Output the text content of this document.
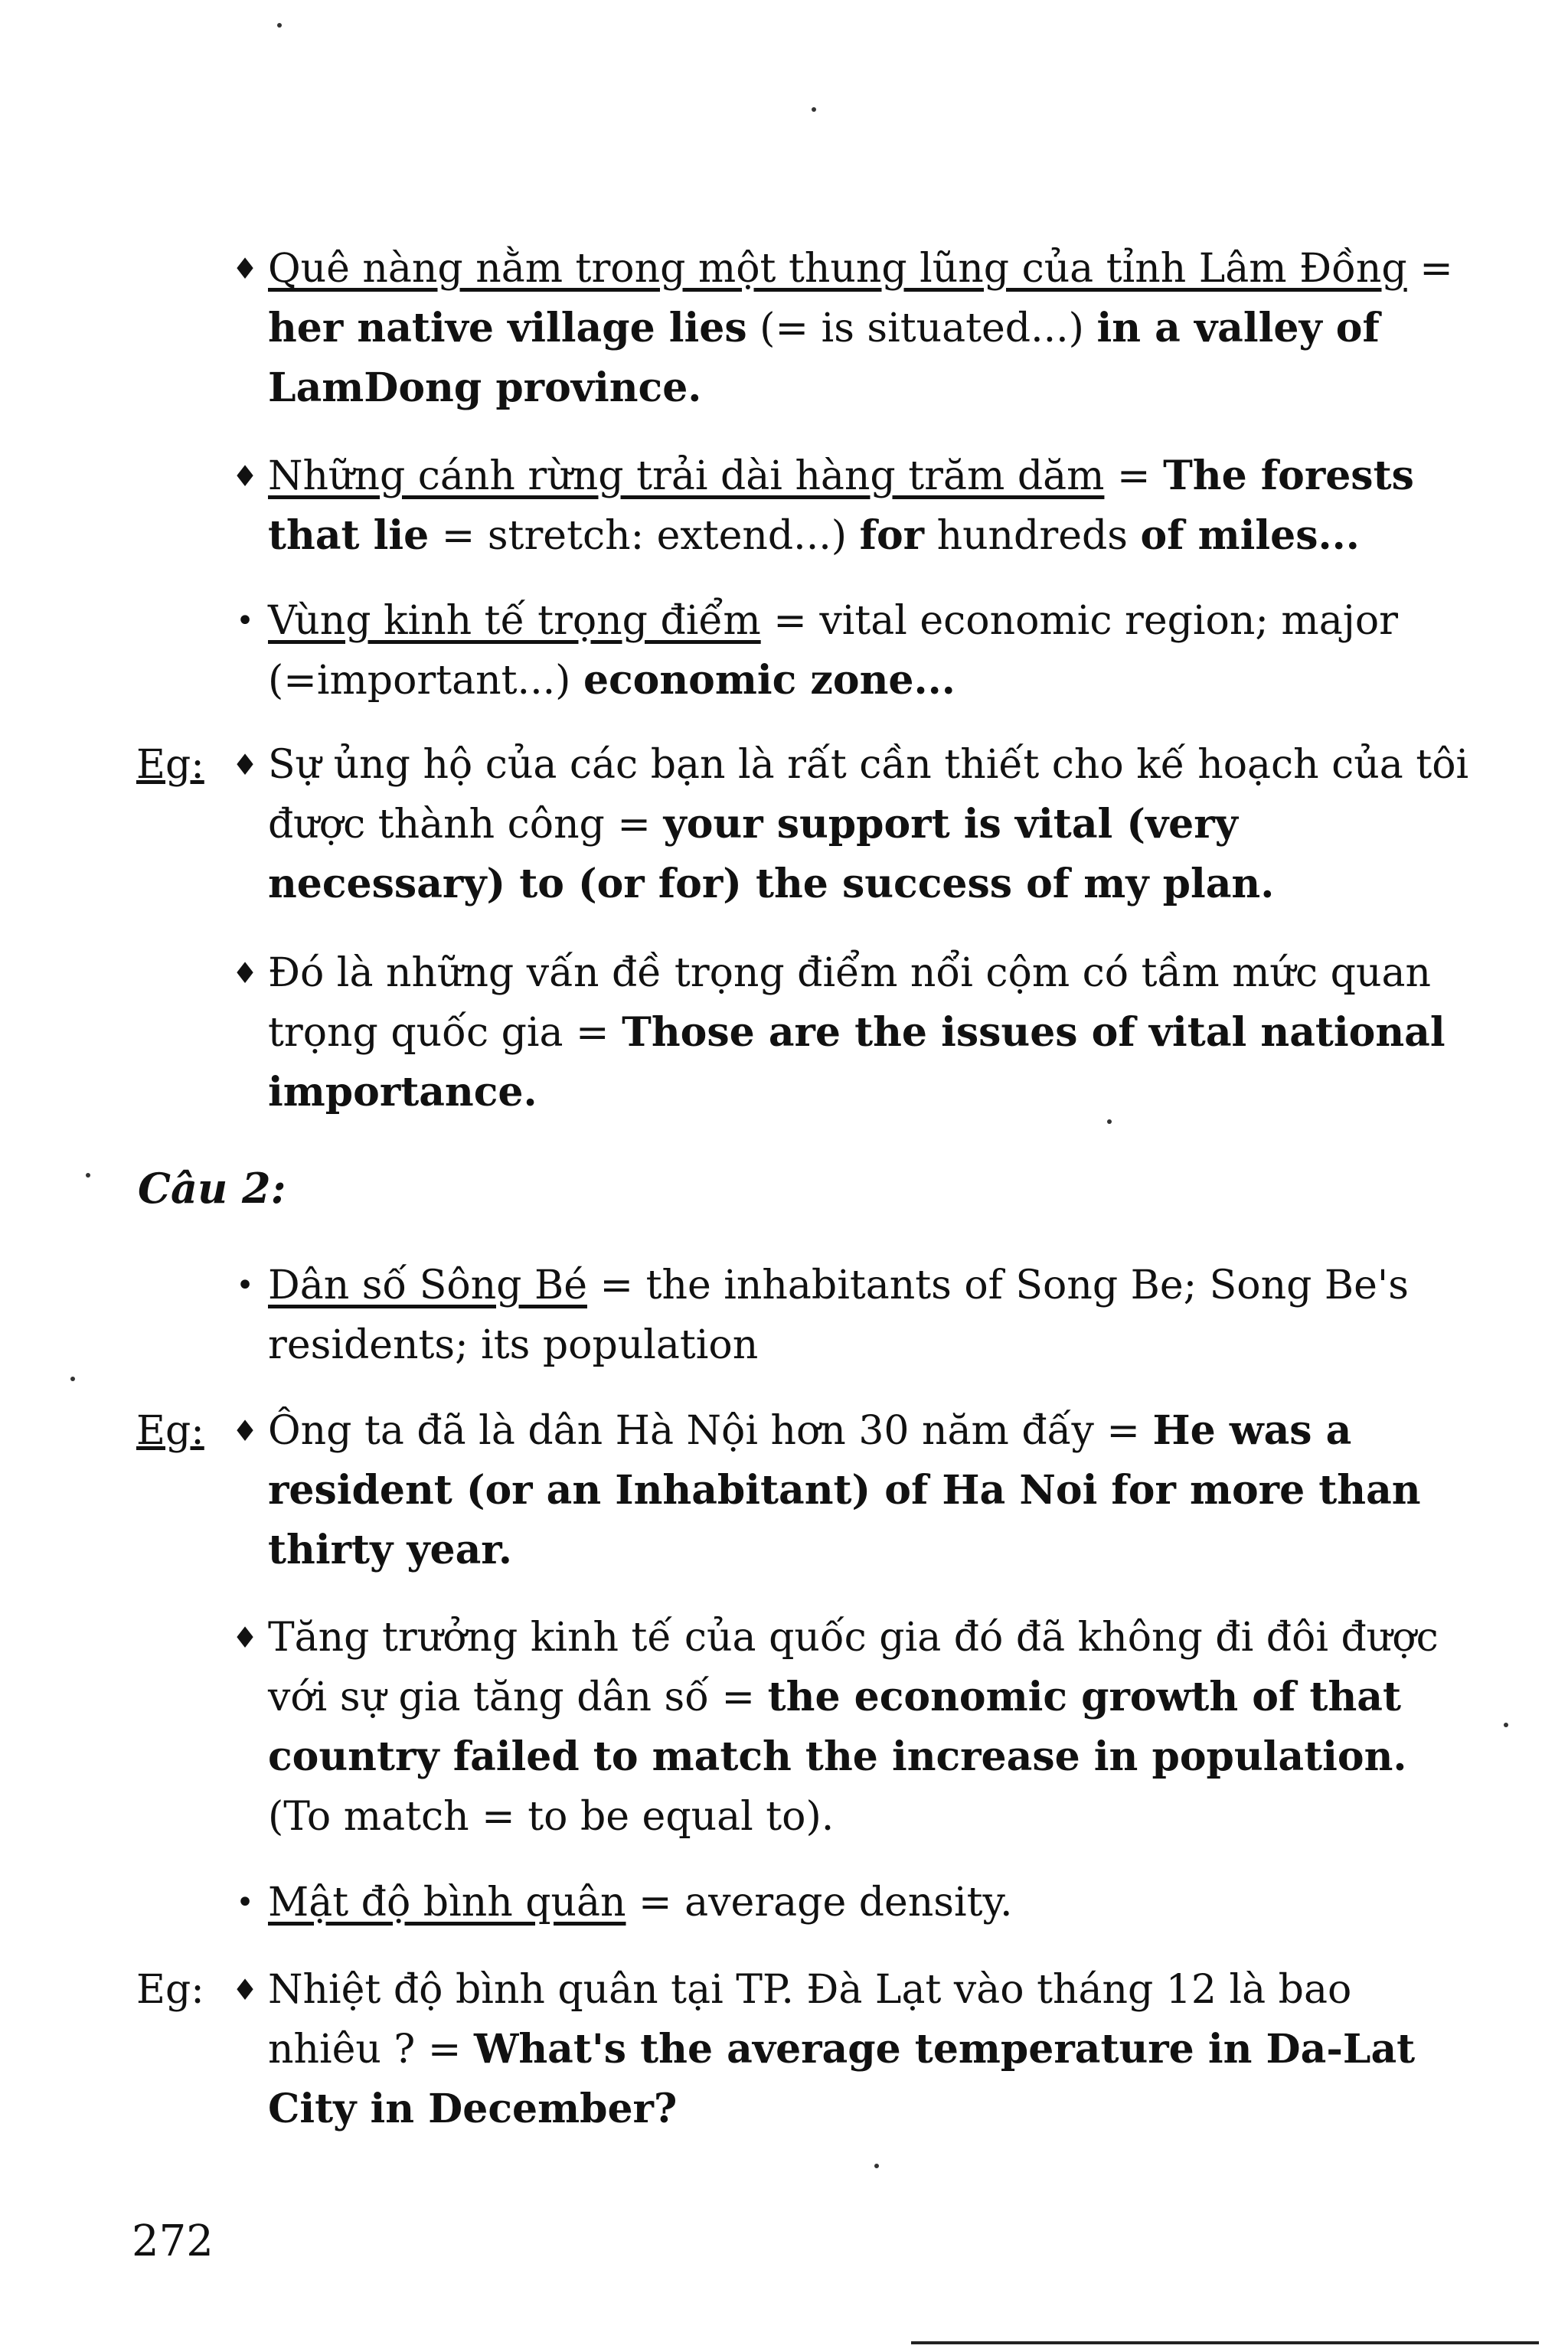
♦ Quê nàng nằm trong một thung lũng của tỉnh Lâm Đồng = her native village lies (= is situated...) in a valley of LamDong province.
♦ Những cánh rừng trải dài hàng trăm dăm = The forests that lie = stretch: extend...) for hundreds of miles...
• Vùng kinh tế trọng điểm = vital economic region; major (=important...) economic zone...
Eg: ♦ Sự ủng hộ của các bạn là rất cần thiết cho kế hoạch của tôi được thành công = your support is vital (very necessary) to (or for) the success of my plan.
♦ Đó là những vấn đề trọng điểm nổi cộm có tầm mức quan trọng quốc gia = Those are the issues of vital national importance.
Câu 2:
• Dân số Sông Bé = the inhabitants of Song Be; Song Be's residents; its population
Eg: ♦ Ông ta đã là dân Hà Nội hơn 30 năm đấy = He was a resident (or an Inhabitant) of Ha Noi for more than thirty year.
♦ Tăng trưởng kinh tế của quốc gia đó đã không đi đôi được với sự gia tăng dân số = the economic growth of that country failed to match the increase in population. (To match = to be equal to).
• Mật độ bình quân = average density.
Eg: ♦ Nhiệt độ bình quân tại TP. Đà Lạt vào tháng 12 là bao nhiêu ? = What's the average temperature in Da-Lat City in December?
272
